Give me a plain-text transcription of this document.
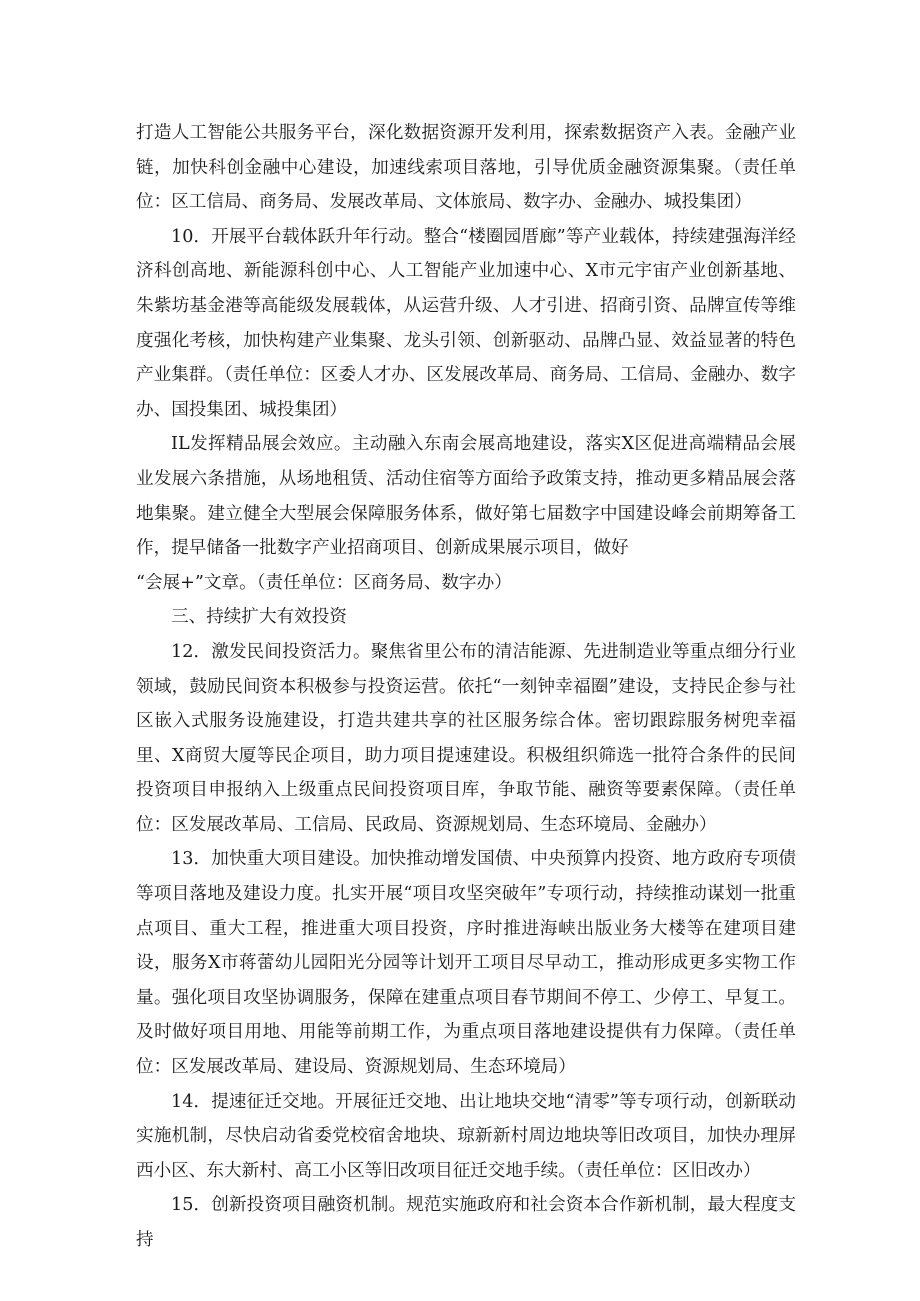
打造人工智能公共服务平台，深化数据资源开发利用，探索数据资产入表。金融产业链，加快科创金融中心建设，加速线索项目落地，引导优质金融资源集聚。（责任单位：区工信局、商务局、发展改革局、文体旅局、数字办、金融办、城投集团）

10．开展平台载体跃升年行动。整合“楼圈园厝廊”等产业载体，持续建强海洋经济科创高地、新能源科创中心、人工智能产业加速中心、X市元宇宙产业创新基地、朱紫坊基金港等高能级发展载体，从运营升级、人才引进、招商引资、品牌宣传等维度强化考核，加快构建产业集聚、龙头引领、创新驱动、品牌凸显、效益显著的特色产业集群。（责任单位：区委人才办、区发展改革局、商务局、工信局、金融办、数字办、国投集团、城投集团）

IL发挥精品展会效应。主动融入东南会展高地建设，落实X区促进高端精品会展业发展六条措施，从场地租赁、活动住宿等方面给予政策支持，推动更多精品展会落地集聚。建立健全大型展会保障服务体系，做好第七届数字中国建设峰会前期筹备工作，提早储备一批数字产业招商项目、创新成果展示项目，做好

“会展+”文章。（责任单位：区商务局、数字办）

三、持续扩大有效投资

12．激发民间投资活力。聚焦省里公布的清洁能源、先进制造业等重点细分行业领域，鼓励民间资本积极参与投资运营。依托“一刻钟幸福圈”建设，支持民企参与社区嵌入式服务设施建设，打造共建共享的社区服务综合体。密切跟踪服务树兜幸福里、X商贸大厦等民企项目，助力项目提速建设。积极组织筛选一批符合条件的民间投资项目申报纳入上级重点民间投资项目库，争取节能、融资等要素保障。（责任单位：区发展改革局、工信局、民政局、资源规划局、生态环境局、金融办）

13．加快重大项目建设。加快推动增发国债、中央预算内投资、地方政府专项债等项目落地及建设力度。扎实开展“项目攻坚突破年”专项行动，持续推动谋划一批重点项目、重大工程，推进重大项目投资，序时推进海峡出版业务大楼等在建项目建设，服务X市蒋蕾幼儿园阳光分园等计划开工项目尽早动工，推动形成更多实物工作量。强化项目攻坚协调服务，保障在建重点项目春节期间不停工、少停工、早复工。及时做好项目用地、用能等前期工作，为重点项目落地建设提供有力保障。（责任单位：区发展改革局、建设局、资源规划局、生态环境局）

14．提速征迁交地。开展征迁交地、出让地块交地“清零”等专项行动，创新联动实施机制，尽快启动省委党校宿舍地块、琼新新村周边地块等旧改项目，加快办理屏西小区、东大新村、高工小区等旧改项目征迁交地手续。（责任单位：区旧改办）

15．创新投资项目融资机制。规范实施政府和社会资本合作新机制，最大程度支持
